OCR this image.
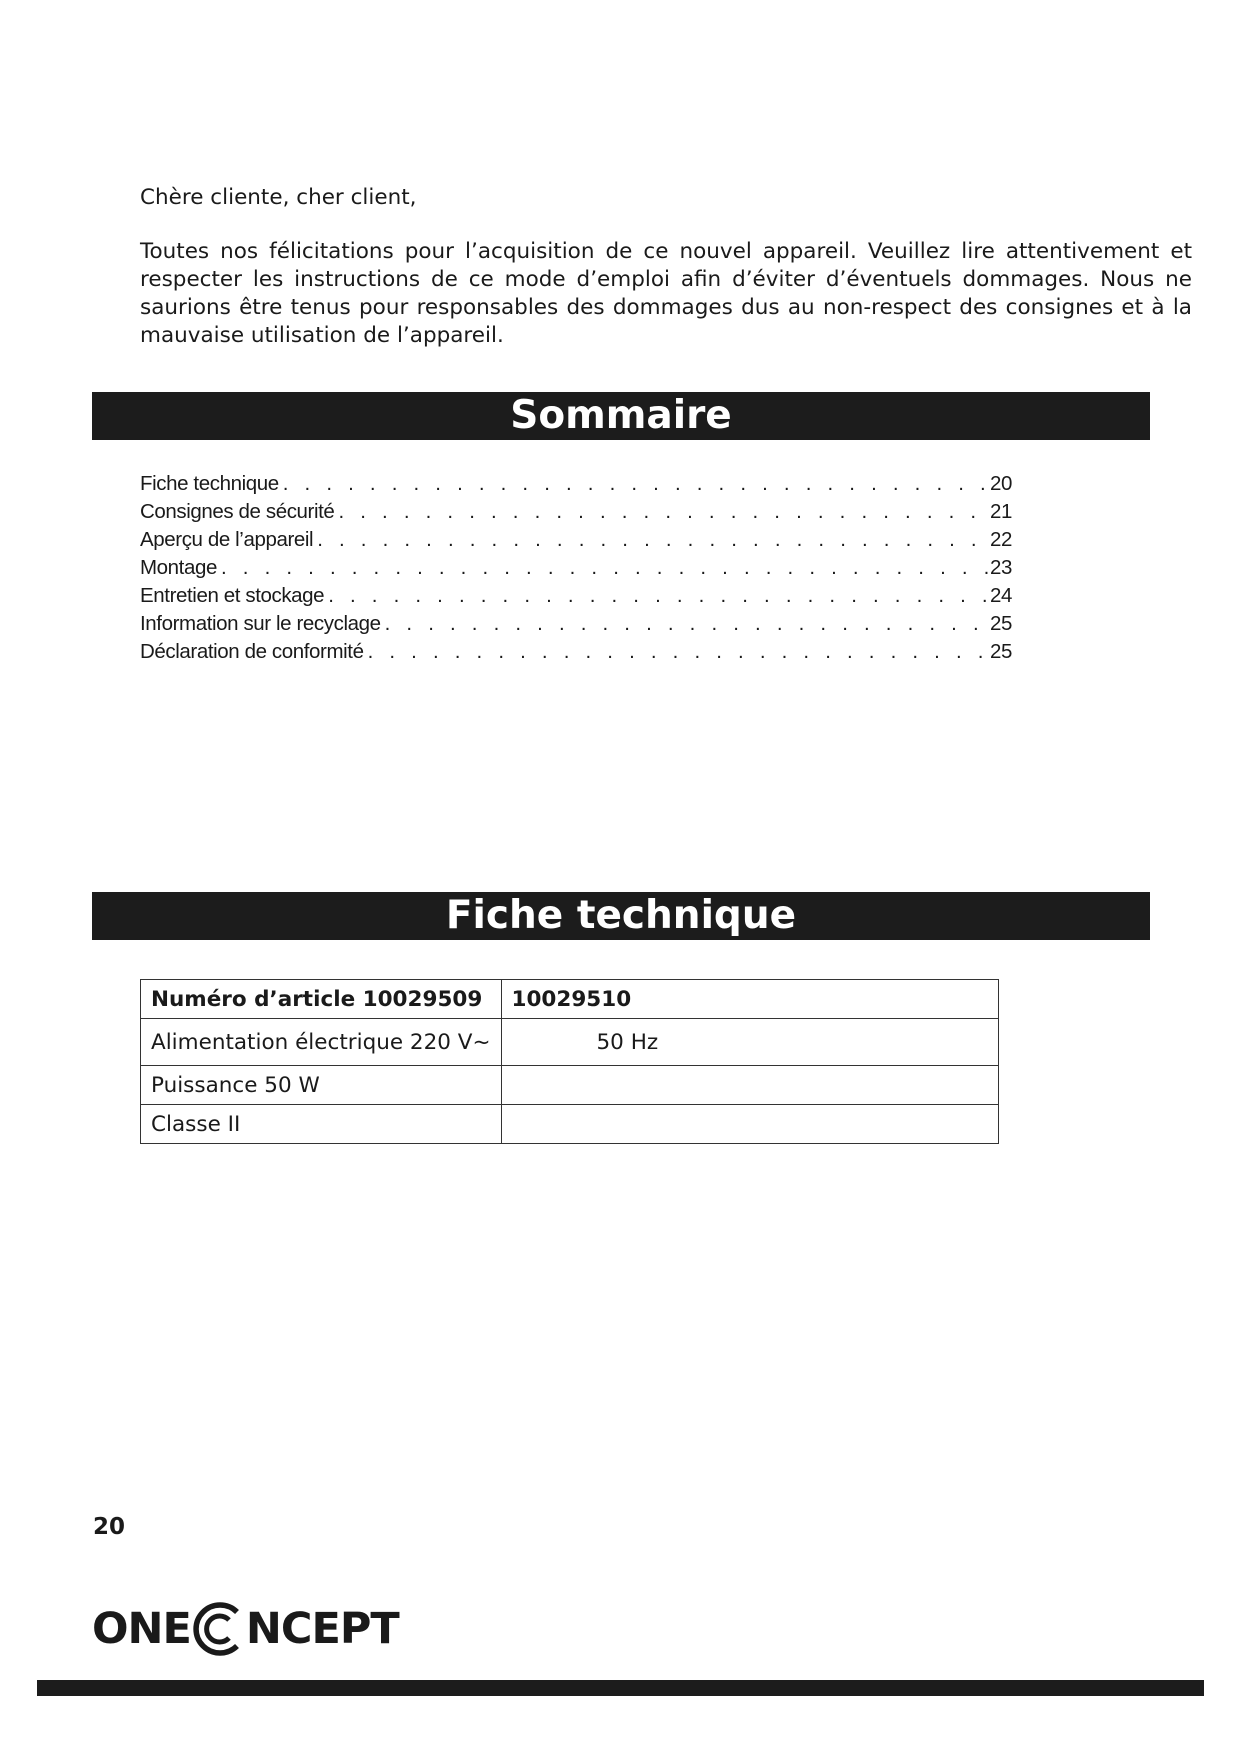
Chère cliente, cher client,

Toutes nos félicitations pour l’acquisition de ce nouvel appareil. Veuillez lire attentivement et respecter les instructions de ce mode d’emploi afin d’éviter d’éventuels dommages. Nous ne saurions être tenus pour responsables des dommages dus au non-respect des consignes et à la mauvaise utilisation de l’appareil.

Sommaire
Fiche technique . . .	20
Consignes de sécurité . . .	21
Aperçu de l’appareil . . .	22
Montage . . .	23
Entretien et stockage . . .	24
Information sur le recyclage . . .	25
Déclaration de conformité . . .	25
Fiche technique
Numéro d’article 10029509	10029510
Alimentation électrique 220 V~	50 Hz
Puissance 50 W	
Classe II	
20
ONE NCEPT
